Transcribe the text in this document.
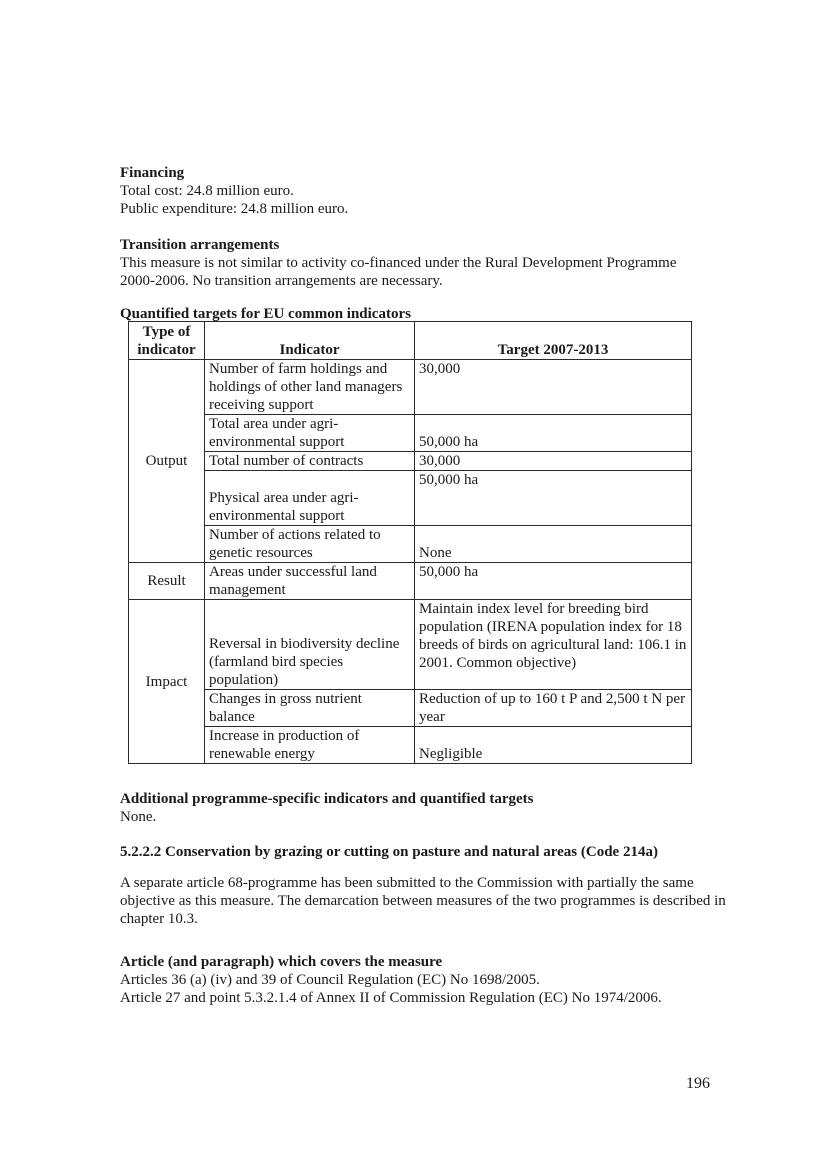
Financing

Total cost: 24.8 million euro.

Public expenditure: 24.8 million euro.

Transition arrangements

This measure is not similar to activity co-financed under the Rural Development Programme

2000-2006. No transition arrangements are necessary.

Quantified targets for EU common indicators
Type of indicator	Indicator	Target 2007-2013
Output	Number of farm holdings and holdings of other land managers receiving support	30,000
	Total area under agri-environmental support	50,000 ha
	Total number of contracts	30,000
	Physical area under agri-environmental support	50,000 ha
	Number of actions related to genetic resources	None
Result	Areas under successful land management	50,000 ha
Impact	Reversal in biodiversity decline (farmland bird species population)	Maintain index level for breeding bird population (IRENA population index for 18 breeds of birds on agricultural land: 106.1 in 2001. Common objective)
	Changes in gross nutrient balance	Reduction of up to 160 t P and 2,500 t N per year
	Increase in production of renewable energy	Negligible

Additional programme-specific indicators and quantified targets

None.

5.2.2.2 Conservation by grazing or cutting on pasture and natural areas (Code 214a)

A separate article 68-programme has been submitted to the Commission with partially the same objective as this measure. The demarcation between measures of the two programmes is described in chapter 10.3.

Article (and paragraph) which covers the measure

Articles 36 (a) (iv) and 39 of Council Regulation (EC) No 1698/2005.

Article 27 and point 5.3.2.1.4 of Annex II of Commission Regulation (EC) No 1974/2006.

196
